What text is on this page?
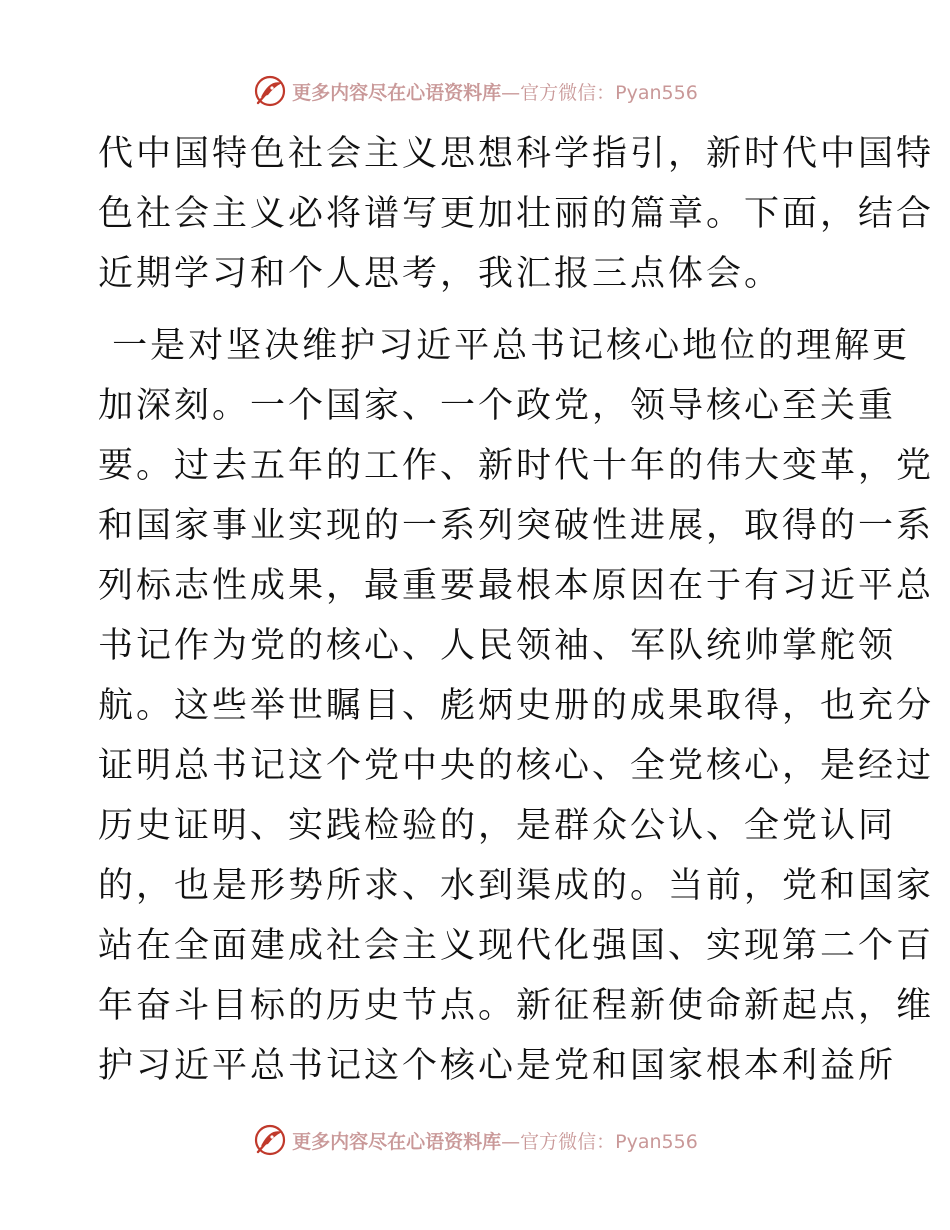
更多内容尽在心语资料库—官方微信：Pyan556
代中国特色社会主义思想科学指引，新时代中国特
色社会主义必将谱写更加壮丽的篇章。下面，结合
近期学习和个人思考，我汇报三点体会。
一是对坚决维护习近平总书记核心地位的理解更
加深刻。一个国家、一个政党，领导核心至关重
要。过去五年的工作、新时代十年的伟大变革，党
和国家事业实现的一系列突破性进展，取得的一系
列标志性成果，最重要最根本原因在于有习近平总
书记作为党的核心、人民领袖、军队统帅掌舵领
航。这些举世瞩目、彪炳史册的成果取得，也充分
证明总书记这个党中央的核心、全党核心，是经过
历史证明、实践检验的，是群众公认、全党认同
的，也是形势所求、水到渠成的。当前，党和国家
站在全面建成社会主义现代化强国、实现第二个百
年奋斗目标的历史节点。新征程新使命新起点，维
护习近平总书记这个核心是党和国家根本利益所
更多内容尽在心语资料库—官方微信：Pyan556
